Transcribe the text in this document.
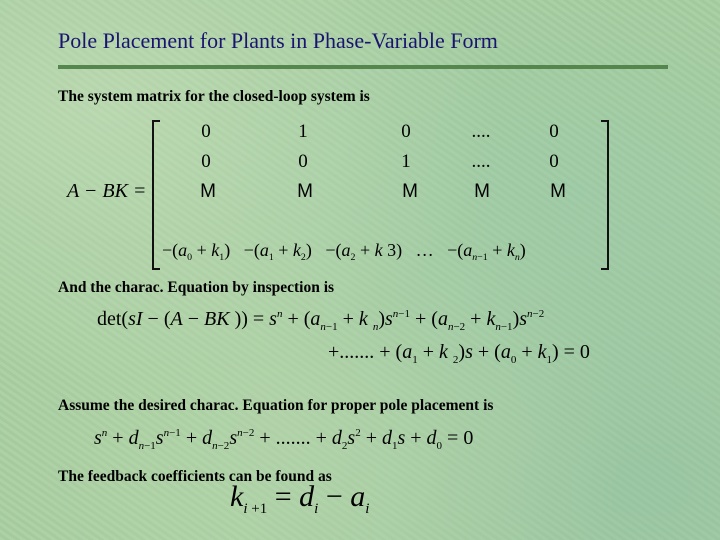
Pole Placement for Plants in Phase-Variable Form
The system matrix for the closed-loop system is
A − BK =
0	1	0	....	0
0	0	1	....	0
M	M	M	M	M
$-(a_0 + k_1) -(a_1 + k_2) -(a_2 + k$ 3)   …   $-(a_{n-1} + k_n)$
And the charac. Equation by inspection is
det(sI − (A − BK )) = $s^n + (a_{n-1} + k$ $_n)s^{n-1} + (a_{n-2} + k_{n-1})s^{n-2}$
+....... + ($a_1 + k$ $_2)s + (a_0 + k_1) = 0$
Assume the desired charac. Equation for proper pole placement is
$s^n + d_{n-1}s^{n-1} + d_{n-2}s^{n-2}$ + ....... + $d_2s^2 + d_1s + d_0 = 0$
The feedback coefficients can be found as
$k_{i +1} = d_i - a_i$
